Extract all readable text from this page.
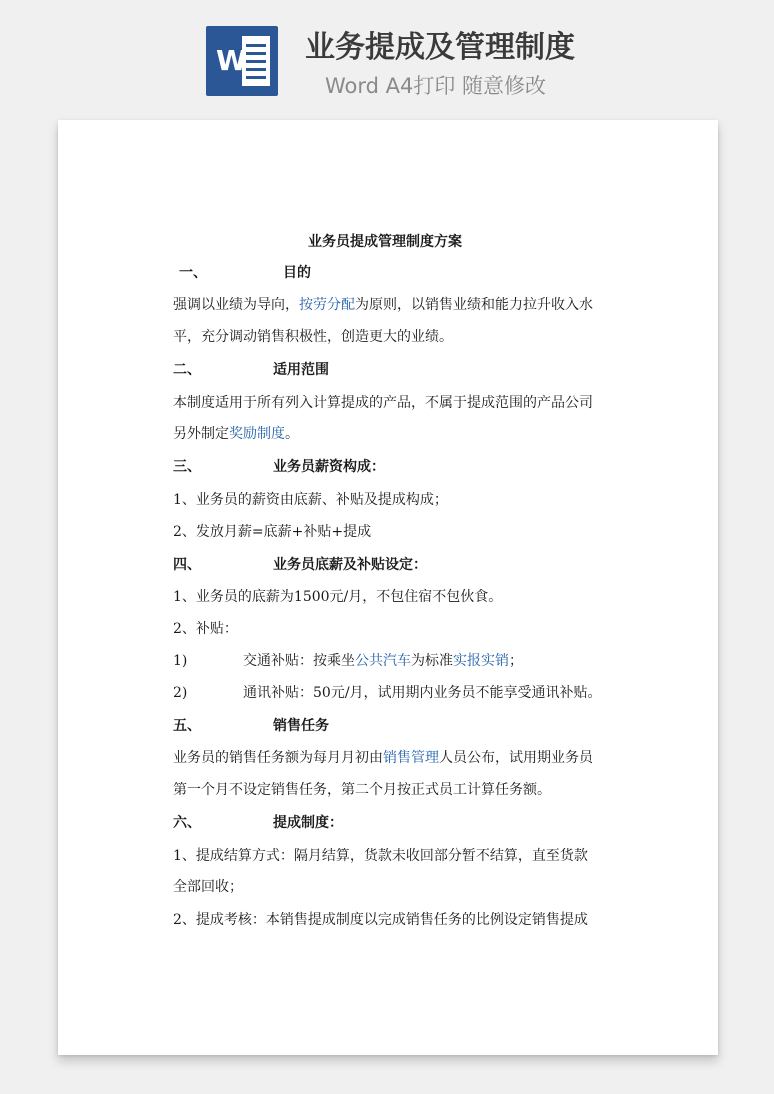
W 业务提成及管理制度
Word A4打印 随意修改
业务员提成管理制度方案
一、	目的
强调以业绩为导向，按劳分配为原则，以销售业绩和能力拉升收入水
平，充分调动销售积极性，创造更大的业绩。
二、	适用范围
本制度适用于所有列入计算提成的产品，不属于提成范围的产品公司
另外制定奖励制度。
三、	业务员薪资构成：
1、业务员的薪资由底薪、补贴及提成构成；
2、发放月薪=底薪+补贴+提成
四、	业务员底薪及补贴设定：
1、业务员的底薪为1500元/月，不包住宿不包伙食。
2、补贴：
1)	交通补贴：按乘坐公共汽车为标准实报实销；
2)	通讯补贴：50元/月，试用期内业务员不能享受通讯补贴。
五、	销售任务
业务员的销售任务额为每月月初由销售管理人员公布，试用期业务员
第一个月不设定销售任务，第二个月按正式员工计算任务额。
六、	提成制度：
1、提成结算方式：隔月结算，货款未收回部分暂不结算，直至货款
全部回收；
2、提成考核：本销售提成制度以完成销售任务的比例设定销售提成
